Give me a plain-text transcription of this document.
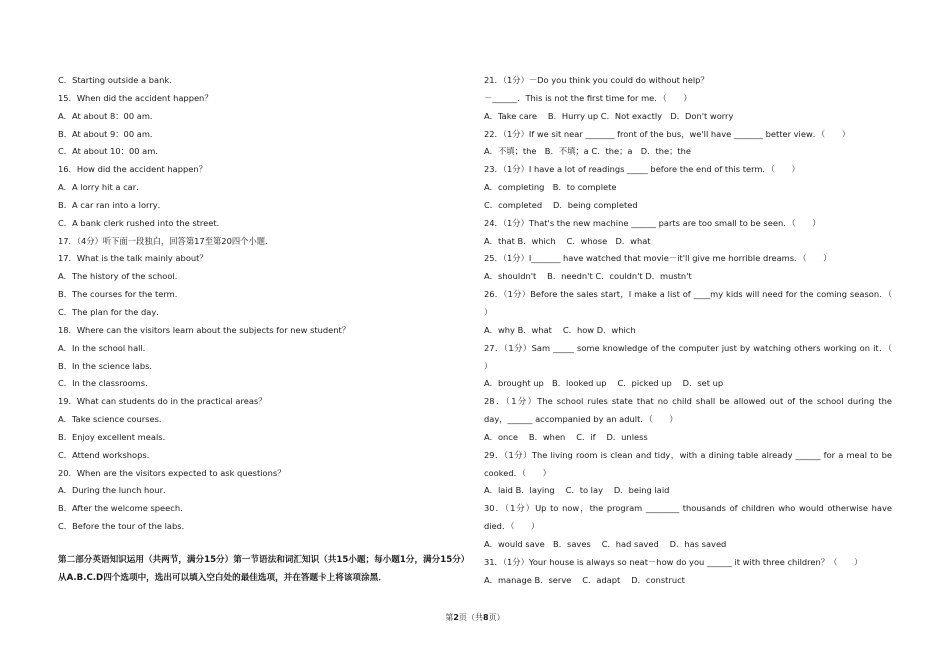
C．Starting outside a bank．
15．When did the accident happen？
A．At about 8：00 am．
B．At about 9：00 am．
C．At about 10：00 am．
16．How did the accident happen？
A．A lorry hit a car．
B．A car ran into a lorry．
C．A bank clerk rushed into the street．
17．（4分）听下面一段独白，回答第17至第20四个小题．
17．What is the talk mainly about？
A．The history of the school．
B．The courses for the term．
C．The plan for the day．
18．Where can the visitors learn about the subjects for new student？
A．In the school hall．
B．In the science labs．
C．In the classrooms．
19．What can students do in the practical areas？
A．Take science courses．
B．Enjoy excellent meals．
C．Attend workshops．
20．When are the visitors expected to ask questions？
A．During the lunch hour．
B．After the welcome speech．
C．Before the tour of the labs．
21．（1分）－Do you think you could do without help？
－______．This is not the first time for me．（　　）
A．Take care　 B．Hurry up C．Not exactly　D．Don't worry
22．（1分）If we sit near _______ front of the bus，we'll have _______ better view．（　　）
A．不填；the　B．不填；a C．the；a　D．the；the
23．（1分）I have a lot of readings _____ before the end of this term．（　　）
A．completing　B．to complete
C．completed　 D．being completed
24．（1分）That's the new machine ______ parts are too small to be seen．（　　）
A．that B．which　 C．whose　D．what
25．（1分）I_______ have watched that movie－it'll give me horrible dreams．（　　）
A．shouldn't　 B．needn't C．couldn't D．mustn't
26．（1分）Before the sales start，I make a list of ____my kids will need for the coming season．（
）
A．why B．what　 C．how D．which
27．（1分）Sam _____ some knowledge of the computer just by watching others working on it．（
）
A．brought up　B．looked up　 C．picked up　 D．set up
28．（1分）The school rules state that no child shall be allowed out of the school during the
day，______ accompanied by an adult．（　　）
A．once　 B．when　 C．if　 D．unless
29．（1分）The living room is clean and tidy，with a dining table already ______ for a meal to be
cooked．（　　）
A．laid B．laying　 C．to lay　 D．being laid
30．（1分）Up to now，the program ________ thousands of children who would otherwise have
died．（　　）
A．would save　B．saves　 C．had saved　 D．has saved
31．（1分）Your house is always so neat－how do you ______ it with three children？（　　）
A．manage B．serve　 C．adapt　 D．construct
第二部分英语知识运用（共两节，满分15分）第一节语法和词汇知识（共15小题；每小题1分，满分15分）从A.B.C.D四个选项中，选出可以填入空白处的最佳选项，并在答题卡上将该项涂黑．
第2页（共8页）
